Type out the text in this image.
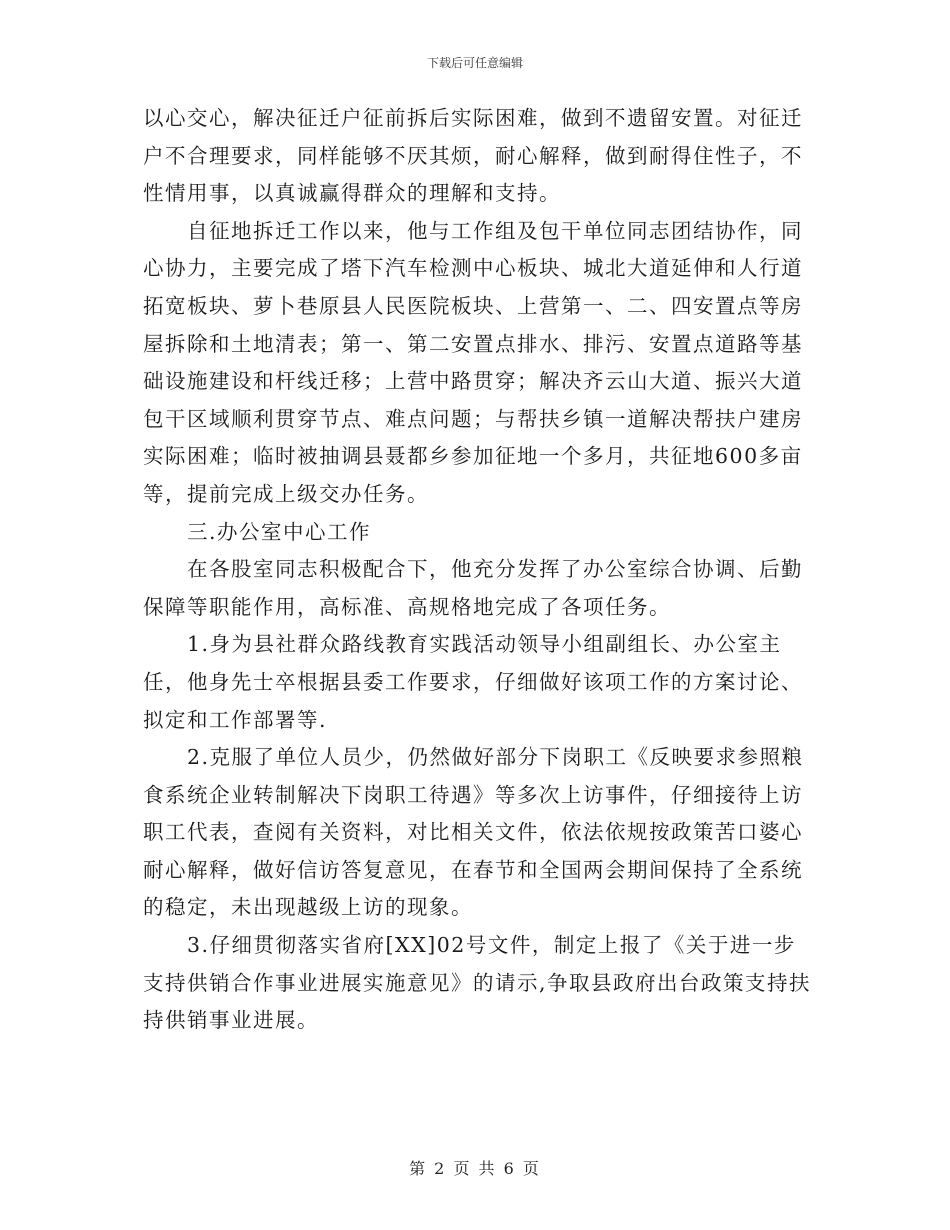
下载后可任意编辑

以心交心，解决征迁户征前拆后实际困难，做到不遗留安置。对征迁户不合理要求，同样能够不厌其烦，耐心解释，做到耐得住性子，不性情用事，以真诚赢得群众的理解和支持。

自征地拆迁工作以来，他与工作组及包干单位同志团结协作，同心协力，主要完成了塔下汽车检测中心板块、城北大道延伸和人行道拓宽板块、萝卜巷原县人民医院板块、上营第一、二、四安置点等房屋拆除和土地清表；第一、第二安置点排水、排污、安置点道路等基础设施建设和杆线迁移；上营中路贯穿；解决齐云山大道、振兴大道包干区域顺利贯穿节点、难点问题；与帮扶乡镇一道解决帮扶户建房实际困难；临时被抽调县聂都乡参加征地一个多月，共征地600多亩等，提前完成上级交办任务。

三.办公室中心工作

在各股室同志积极配合下，他充分发挥了办公室综合协调、后勤保障等职能作用，高标准、高规格地完成了各项任务。

1.身为县社群众路线教育实践活动领导小组副组长、办公室主任，他身先士卒根据县委工作要求，仔细做好该项工作的方案讨论、拟定和工作部署等.

2.克服了单位人员少，仍然做好部分下岗职工《反映要求参照粮食系统企业转制解决下岗职工待遇》等多次上访事件，仔细接待上访职工代表，查阅有关资料，对比相关文件，依法依规按政策苦口婆心耐心解释，做好信访答复意见，在春节和全国两会期间保持了全系统的稳定，未出现越级上访的现象。

3.仔细贯彻落实省府[XX]02号文件，制定上报了《关于进一步支持供销合作事业进展实施意见》的请示,争取县政府出台政策支持扶持供销事业进展。

第 2 页 共 6 页
